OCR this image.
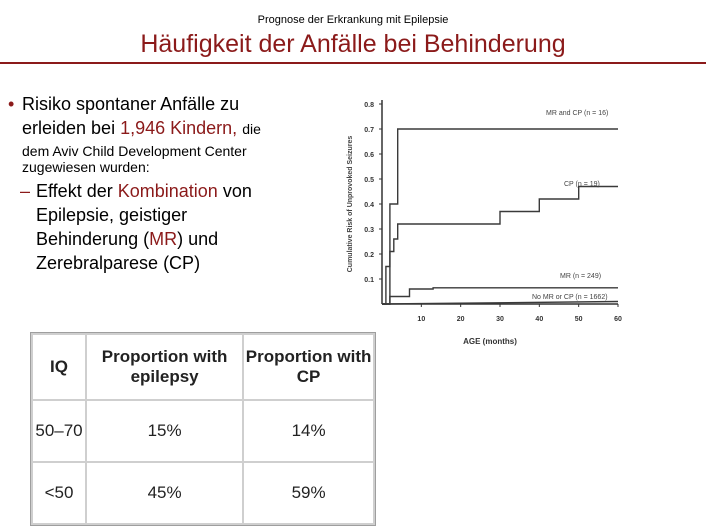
Prognose der Erkrankung mit Epilepsie
Häufigkeit der Anfälle bei Behinderung
• Risiko spontaner Anfälle zu
erleiden bei 1,946 Kindern, die
dem Aviv Child Development Center
zugewiesen wurden:
– Effekt der Kombination von
Epilepsie, geistiger
Behinderung (MR) und
Zerebralparese (CP)
0.1
0.2
0.3
0.4
0.5
0.6
0.7
0.8
10	20	30	40	50	60
AGE (months)
Cumulative Risk of Unprovoked Seizures
MR and CP (n = 16)
CP (n = 19)
MR (n = 249)
No MR or CP (n = 1662)
IQ	Proportion with epilepsy	Proportion with CP
50–70	15%	14%
<50	45%	59%
